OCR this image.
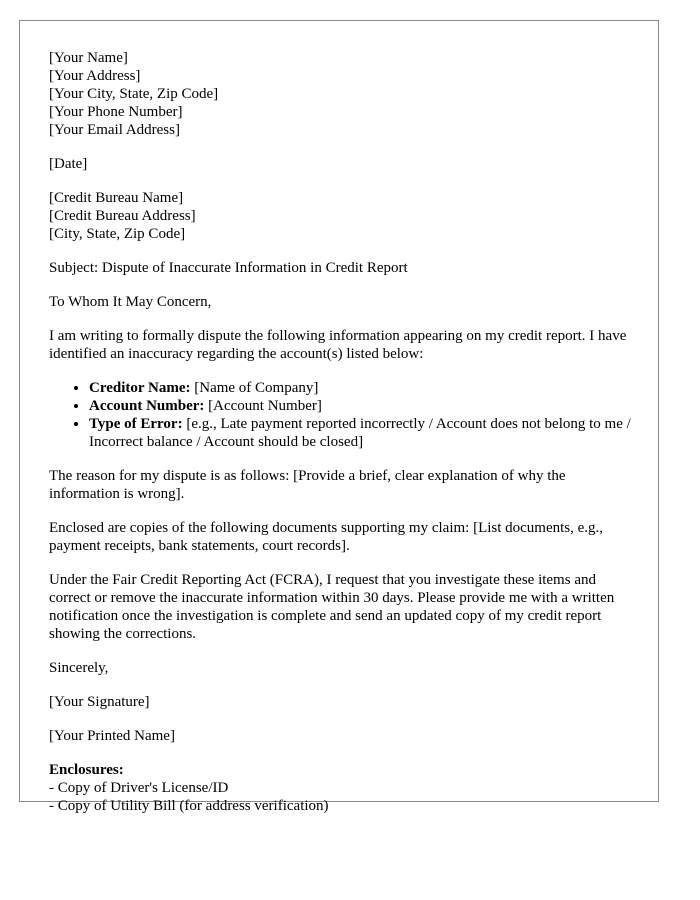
[Your Name]
[Your Address]
[Your City, State, Zip Code]
[Your Phone Number]
[Your Email Address]

[Date]

[Credit Bureau Name]
[Credit Bureau Address]
[City, State, Zip Code]

Subject: Dispute of Inaccurate Information in Credit Report

To Whom It May Concern,

I am writing to formally dispute the following information appearing on my credit report. I have identified an inaccuracy regarding the account(s) listed below:

• Creditor Name: [Name of Company]
• Account Number: [Account Number]
• Type of Error: [e.g., Late payment reported incorrectly / Account does not belong to me / Incorrect balance / Account should be closed]

The reason for my dispute is as follows: [Provide a brief, clear explanation of why the information is wrong].

Enclosed are copies of the following documents supporting my claim: [List documents, e.g., payment receipts, bank statements, court records].

Under the Fair Credit Reporting Act (FCRA), I request that you investigate these items and correct or remove the inaccurate information within 30 days. Please provide me with a written notification once the investigation is complete and send an updated copy of my credit report showing the corrections.

Sincerely,

[Your Signature]

[Your Printed Name]

Enclosures:
- Copy of Driver's License/ID
- Copy of Utility Bill (for address verification)
